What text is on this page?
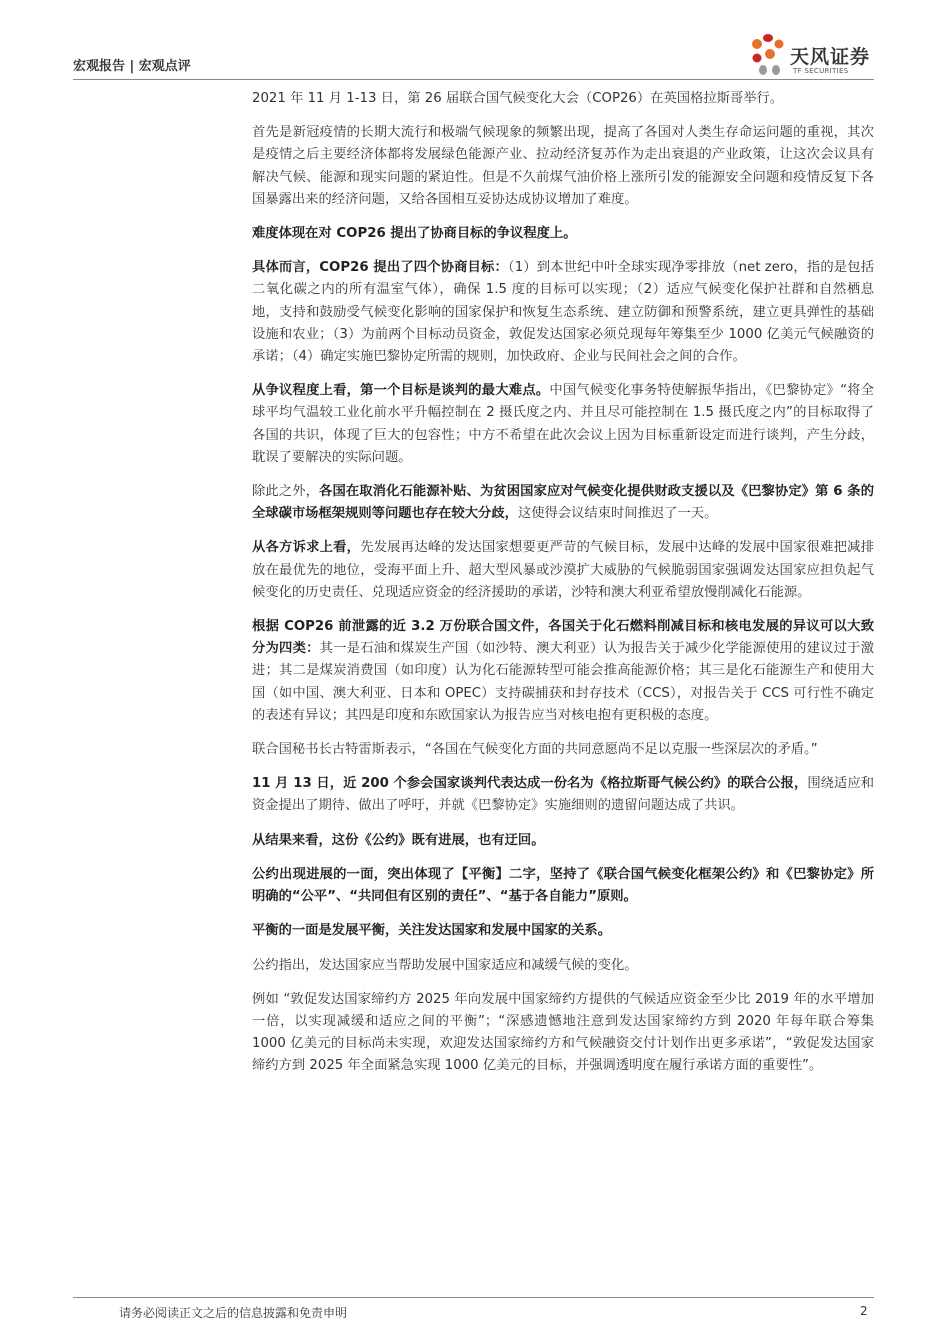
宏观报告 | 宏观点评	天风证券
TF SECURITIES

2021 年 11 月 1-13 日，第 26 届联合国气候变化大会（COP26）在英国格拉斯哥举行。

首先是新冠疫情的长期大流行和极端气候现象的频繁出现，提高了各国对人类生存命运问题的重视，其次是疫情之后主要经济体都将发展绿色能源产业、拉动经济复苏作为走出衰退的产业政策，让这次会议具有解决气候、能源和现实问题的紧迫性。但是不久前煤气油价格上涨所引发的能源安全问题和疫情反复下各国暴露出来的经济问题，又给各国相互妥协达成协议增加了难度。

难度体现在对 COP26 提出了协商目标的争议程度上。

具体而言，COP26 提出了四个协商目标：（1）到本世纪中叶全球实现净零排放（net zero，指的是包括二氧化碳之内的所有温室气体），确保 1.5 度的目标可以实现；（2）适应气候变化保护社群和自然栖息地，支持和鼓励受气候变化影响的国家保护和恢复生态系统、建立防御和预警系统，建立更具弹性的基础设施和农业；（3）为前两个目标动员资金，敦促发达国家必须兑现每年筹集至少 1000 亿美元气候融资的承诺；（4）确定实施巴黎协定所需的规则，加快政府、企业与民间社会之间的合作。

从争议程度上看，第一个目标是谈判的最大难点。中国气候变化事务特使解振华指出，《巴黎协定》“将全球平均气温较工业化前水平升幅控制在 2 摄氏度之内、并且尽可能控制在 1.5 摄氏度之内”的目标取得了各国的共识，体现了巨大的包容性；中方不希望在此次会议上因为目标重新设定而进行谈判，产生分歧，耽误了要解决的实际问题。

除此之外，各国在取消化石能源补贴、为贫困国家应对气候变化提供财政支援以及《巴黎协定》第 6 条的全球碳市场框架规则等问题也存在较大分歧，这使得会议结束时间推迟了一天。

从各方诉求上看，先发展再达峰的发达国家想要更严苛的气候目标，发展中达峰的发展中国家很难把减排放在最优先的地位，受海平面上升、超大型风暴或沙漠扩大威胁的气候脆弱国家强调发达国家应担负起气候变化的历史责任、兑现适应资金的经济援助的承诺，沙特和澳大利亚希望放慢削减化石能源。

根据 COP26 前泄露的近 3.2 万份联合国文件，各国关于化石燃料削减目标和核电发展的异议可以大致分为四类：其一是石油和煤炭生产国（如沙特、澳大利亚）认为报告关于减少化学能源使用的建议过于激进；其二是煤炭消费国（如印度）认为化石能源转型可能会推高能源价格；其三是化石能源生产和使用大国（如中国、澳大利亚、日本和 OPEC）支持碳捕获和封存技术（CCS），对报告关于 CCS 可行性不确定的表述有异议；其四是印度和东欧国家认为报告应当对核电抱有更积极的态度。

联合国秘书长古特雷斯表示，“各国在气候变化方面的共同意愿尚不足以克服一些深层次的矛盾。”

11 月 13 日，近 200 个参会国家谈判代表达成一份名为《格拉斯哥气候公约》的联合公报，围绕适应和资金提出了期待、做出了呼吁，并就《巴黎协定》实施细则的遗留问题达成了共识。

从结果来看，这份《公约》既有进展，也有迂回。

公约出现进展的一面，突出体现了【平衡】二字，坚持了《联合国气候变化框架公约》和《巴黎协定》所明确的“公平”、“共同但有区别的责任”、“基于各自能力”原则。

平衡的一面是发展平衡，关注发达国家和发展中国家的关系。

公约指出，发达国家应当帮助发展中国家适应和减缓气候的变化。

例如 “敦促发达国家缔约方 2025 年向发展中国家缔约方提供的气候适应资金至少比 2019 年的水平增加一倍，以实现减缓和适应之间的平衡”；“深感遗憾地注意到发达国家缔约方到 2020 年每年联合筹集 1000 亿美元的目标尚未实现，欢迎发达国家缔约方和气候融资交付计划作出更多承诺”，“敦促发达国家缔约方到 2025 年全面紧急实现 1000 亿美元的目标，并强调透明度在履行承诺方面的重要性”。

请务必阅读正文之后的信息披露和免责申明	2
